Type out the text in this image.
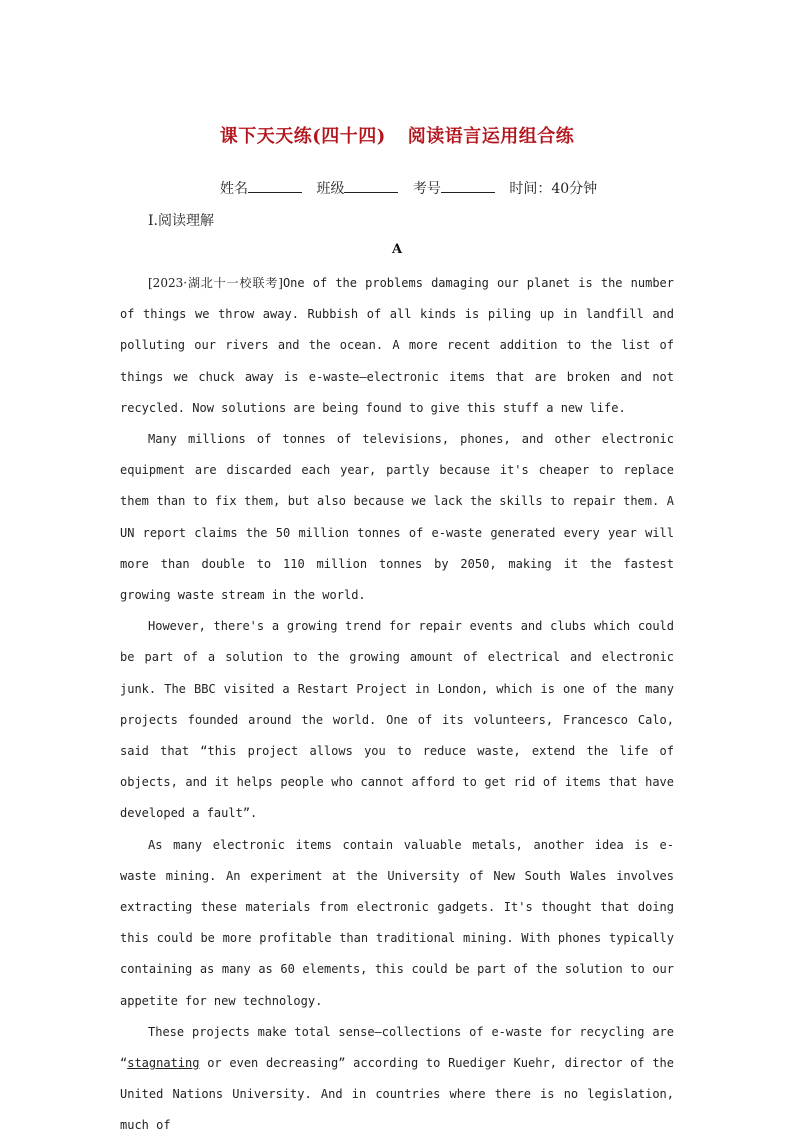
课下天天练(四十四) 阅读语言运用组合练
姓名	班级	考号	时间：40分钟
Ⅰ.阅读理解
A

[2023·湖北十一校联考]One of the problems damaging our planet is the number of things we throw away. Rubbish of all kinds is piling up in landfill and polluting our rivers and the ocean. A more recent addition to the list of things we chuck away is e-waste—electronic items that are broken and not recycled. Now solutions are being found to give this stuff a new life.

Many millions of tonnes of televisions, phones, and other electronic equipment are discarded each year, partly because it's cheaper to replace them than to fix them, but also because we lack the skills to repair them. A UN report claims the 50 million tonnes of e-waste generated every year will more than double to 110 million tonnes by 2050, making it the fastest growing waste stream in the world.

However, there's a growing trend for repair events and clubs which could be part of a solution to the growing amount of electrical and electronic junk. The BBC visited a Restart Project in London, which is one of the many projects founded around the world. One of its volunteers, Francesco Calo, said that “this project allows you to reduce waste, extend the life of objects, and it helps people who cannot afford to get rid of items that have developed a fault”.

As many electronic items contain valuable metals, another idea is e-waste mining. An experiment at the University of New South Wales involves extracting these materials from electronic gadgets. It's thought that doing this could be more profitable than traditional mining. With phones typically containing as many as 60 elements, this could be part of the solution to our appetite for new technology.

These projects make total sense—collections of e-waste for recycling are “stagnating or even decreasing” according to Ruediger Kuehr, director of the United Nations University. And in countries where there is no legislation, much of
